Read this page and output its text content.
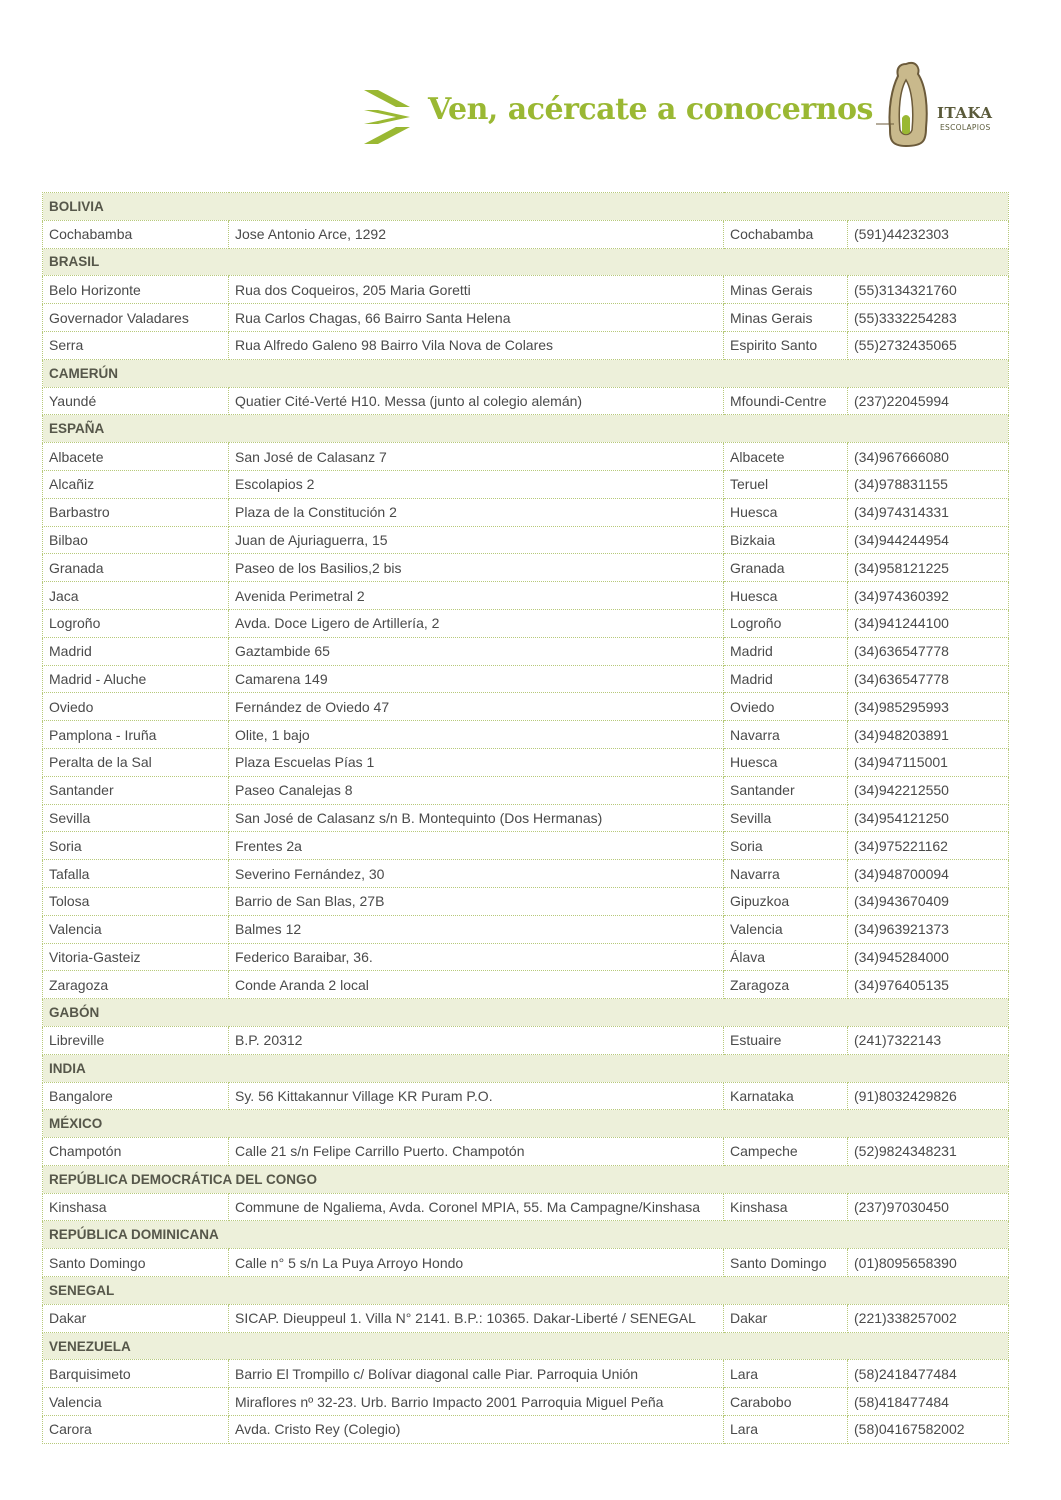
Ven, acércate a conocernos	ITAKA
ESCOLAPIOS
BOLIVIA			
Cochabamba	Jose Antonio Arce, 1292	Cochabamba	(591)44232303
BRASIL			
Belo Horizonte	Rua dos Coqueiros, 205 Maria Goretti	Minas Gerais	(55)3134321760
Governador Valadares	Rua Carlos Chagas, 66 Bairro Santa Helena	Minas Gerais	(55)3332254283
Serra	Rua Alfredo Galeno 98 Bairro Vila Nova de Colares	Espirito Santo	(55)2732435065
CAMERÚN			
Yaundé	Quatier Cité-Verté H10. Messa (junto al colegio alemán)	Mfoundi-Centre	(237)22045994
ESPAÑA			
Albacete	San José de Calasanz 7	Albacete	(34)967666080
Alcañiz	Escolapios 2	Teruel	(34)978831155
Barbastro	Plaza de la Constitución 2	Huesca	(34)974314331
Bilbao	Juan de Ajuriaguerra, 15	Bizkaia	(34)944244954
Granada	Paseo de los Basilios,2 bis	Granada	(34)958121225
Jaca	Avenida Perimetral 2	Huesca	(34)974360392
Logroño	Avda. Doce Ligero de Artillería, 2	Logroño	(34)941244100
Madrid	Gaztambide 65	Madrid	(34)636547778
Madrid - Aluche	Camarena 149	Madrid	(34)636547778
Oviedo	Fernández de Oviedo 47	Oviedo	(34)985295993
Pamplona - Iruña	Olite, 1 bajo	Navarra	(34)948203891
Peralta de la Sal	Plaza Escuelas Pías 1	Huesca	(34)947115001
Santander	Paseo Canalejas 8	Santander	(34)942212550
Sevilla	San José de Calasanz s/n B. Montequinto (Dos Hermanas)	Sevilla	(34)954121250
Soria	Frentes 2a	Soria	(34)975221162
Tafalla	Severino Fernández, 30	Navarra	(34)948700094
Tolosa	Barrio de San Blas, 27B	Gipuzkoa	(34)943670409
Valencia	Balmes 12	Valencia	(34)963921373
Vitoria-Gasteiz	Federico Baraibar, 36.	Álava	(34)945284000
Zaragoza	Conde Aranda 2 local	Zaragoza	(34)976405135
GABÓN			
Libreville	B.P. 20312	Estuaire	(241)7322143
INDIA			
Bangalore	Sy. 56 Kittakannur Village KR Puram P.O.	Karnataka	(91)8032429826
MÉXICO			
Champotón	Calle 21 s/n Felipe Carrillo Puerto. Champotón	Campeche	(52)9824348231
REPÚBLICA DEMOCRÁTICA DEL CONGO			
Kinshasa	Commune de Ngaliema, Avda. Coronel MPIA, 55. Ma Campagne/Kinshasa	Kinshasa	(237)97030450
REPÚBLICA DOMINICANA			
Santo Domingo	Calle n° 5 s/n La Puya Arroyo Hondo	Santo Domingo	(01)8095658390
SENEGAL			
Dakar	SICAP. Dieuppeul 1. Villa N° 2141. B.P.: 10365. Dakar-Liberté / SENEGAL	Dakar	(221)338257002
VENEZUELA			
Barquisimeto	Barrio El Trompillo c/ Bolívar diagonal calle Piar. Parroquia Unión	Lara	(58)2418477484
Valencia	Miraflores nº 32-23. Urb. Barrio Impacto 2001 Parroquia Miguel Peña	Carabobo	(58)418477484
Carora	Avda. Cristo Rey (Colegio)	Lara	(58)04167582002
